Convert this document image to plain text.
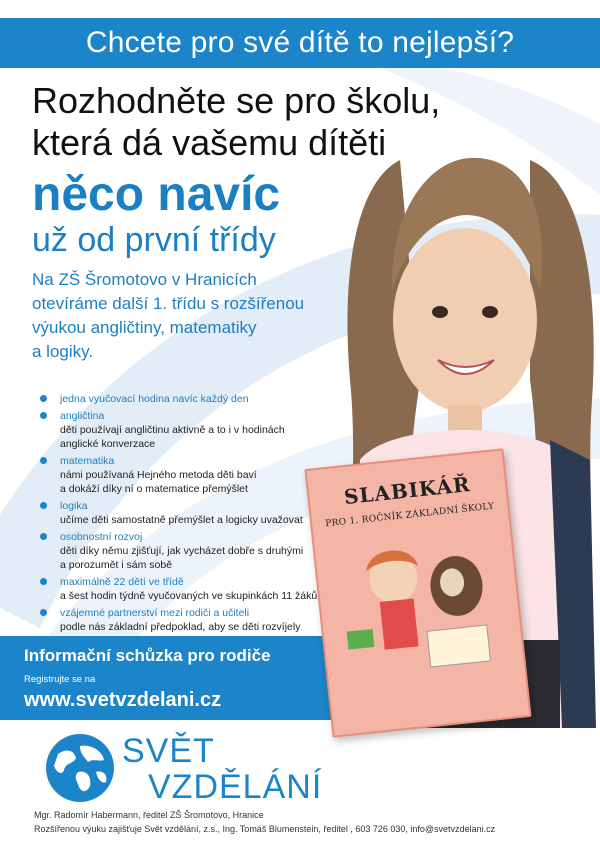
Chcete pro své dítě to nejlepší?
Rozhodněte se pro školu,
která dá vašemu dítěti
něco navíc
už od první třídy
Na ZŠ Šromotovo v Hranicích
otevíráme další 1. třídu s rozšířenou
výukou angličtiny, matematiky
a logiky.
SLABIKÁŘ
PRO 1. ROČNÍK ZÁKLADNÍ ŠKOLY
jedna vyučovací hodina navíc každý den
angličtina
děti používají angličtinu aktivně a to i v hodinách
anglické konverzace
matematika
námi používaná Hejného metoda děti baví
a dokáží díky ní o matematice přemýšlet
logika
učíme děti samostatně přemýšlet a logicky uvažovat
osobnostní rozvoj
děti díky němu zjišťují, jak vycházet dobře s druhými
a porozumět i sám sobě
maximálně 22 dětí ve třídě
a šest hodin týdně vyučovaných ve skupinkách 11 žáků
vzájemné partnerství mezi rodiči a učiteli
podle nás základní předpoklad, aby se děti rozvíjely
Informační schůzka pro rodiče
Registrujte se na
www.svetvzdelani.cz
SVĚT
VZDĚLÁNÍ
Mgr. Radomír Habermann, ředitel ZŠ Šromotovo, Hranice
Rozšířenou výuku zajišťuje Svět vzdělání, z.s., Ing. Tomáš Blumenstein, ředitel , 603 726 030, info@svetvzdelani.cz
